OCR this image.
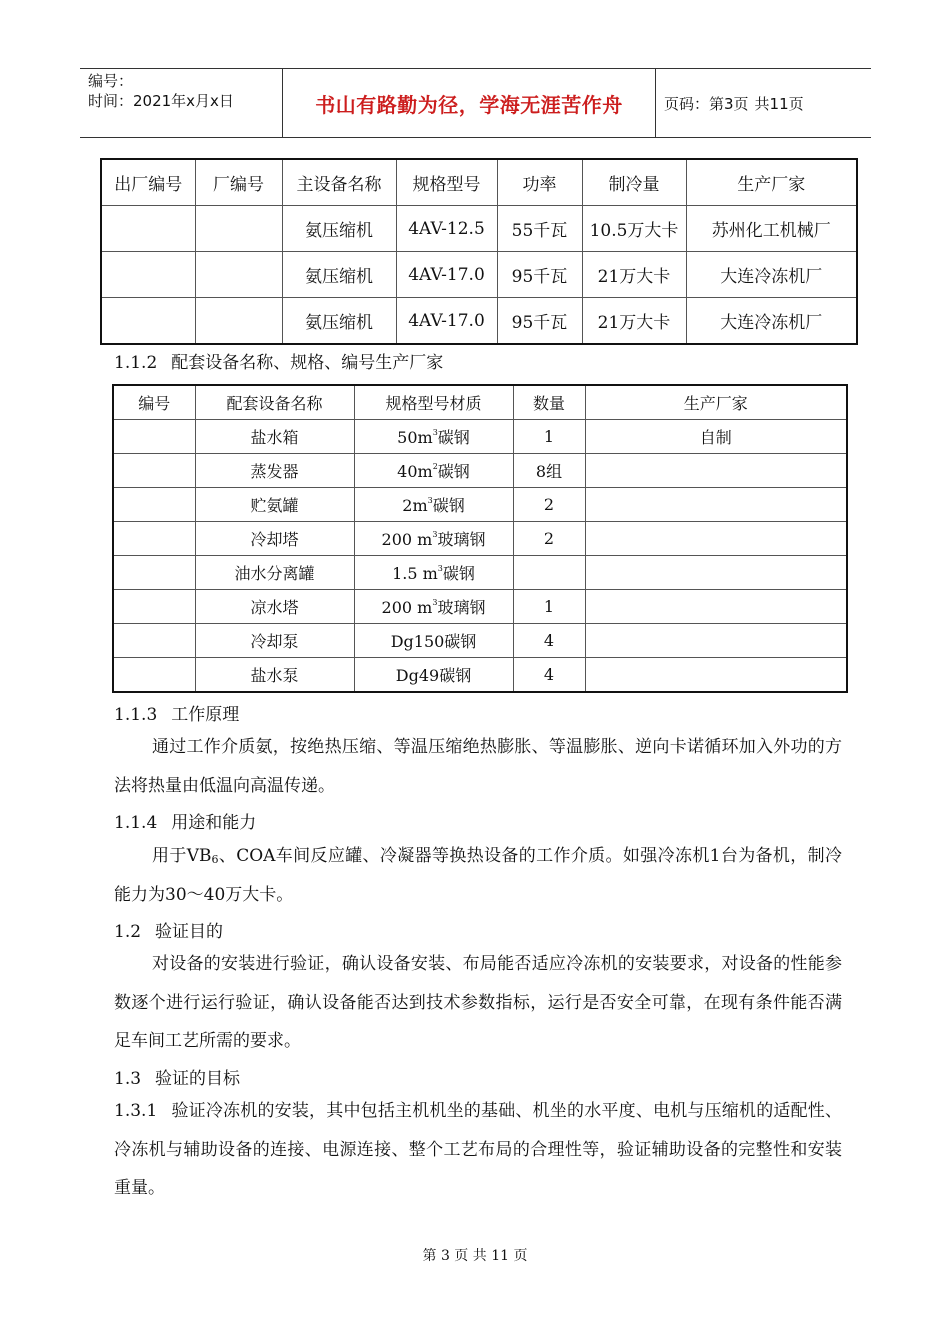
编号：
时间：2021年x月x日	书山有路勤为径，学海无涯苦作舟	页码：第3页 共11页
出厂编号	厂编号	主设备名称	规格型号	功率	制冷量	生产厂家
		氨压缩机	4AV-12.5	55千瓦	10.5万大卡	苏州化工机械厂
		氨压缩机	4AV-17.0	95千瓦	21万大卡	大连冷冻机厂
		氨压缩机	4AV-17.0	95千瓦	21万大卡	大连冷冻机厂
1.1.2 配套设备名称、规格、编号生产厂家
编号	配套设备名称	规格型号材质	数量	生产厂家
	盐水箱	$50m^3$碳钢	1	自制
	蒸发器	$40m^2$碳钢	8组	
	贮氨罐	$2m^3$碳钢	2	
	冷却塔	200 $m^3$玻璃钢	2	
	油水分离罐	1.5 $m^3$碳钢		
	凉水塔	200 $m^3$玻璃钢	1	
	冷却泵	Dg150碳钢	4	
	盐水泵	Dg49碳钢	4	
1.1.3 工作原理
通过工作介质氨，按绝热压缩、等温压缩绝热膨胀、等温膨胀、逆向卡诺循环加入外功的方法将热量由低温向高温传递。
1.1.4 用途和能力
用于$VB_6$、COA车间反应罐、冷凝器等换热设备的工作介质。如强冷冻机1台为备机，制冷能力为30～40万大卡。
1.2 验证目的
对设备的安装进行验证，确认设备安装、布局能否适应冷冻机的安装要求，对设备的性能参数逐个进行运行验证，确认设备能否达到技术参数指标，运行是否安全可靠，在现有条件能否满足车间工艺所需的要求。
1.3 验证的目标
1.3.1 验证冷冻机的安装，其中包括主机机坐的基础、机坐的水平度、电机与压缩机的适配性、冷冻机与辅助设备的连接、电源连接、整个工艺布局的合理性等，验证辅助设备的完整性和安装重量。
第 3 页 共 11 页
